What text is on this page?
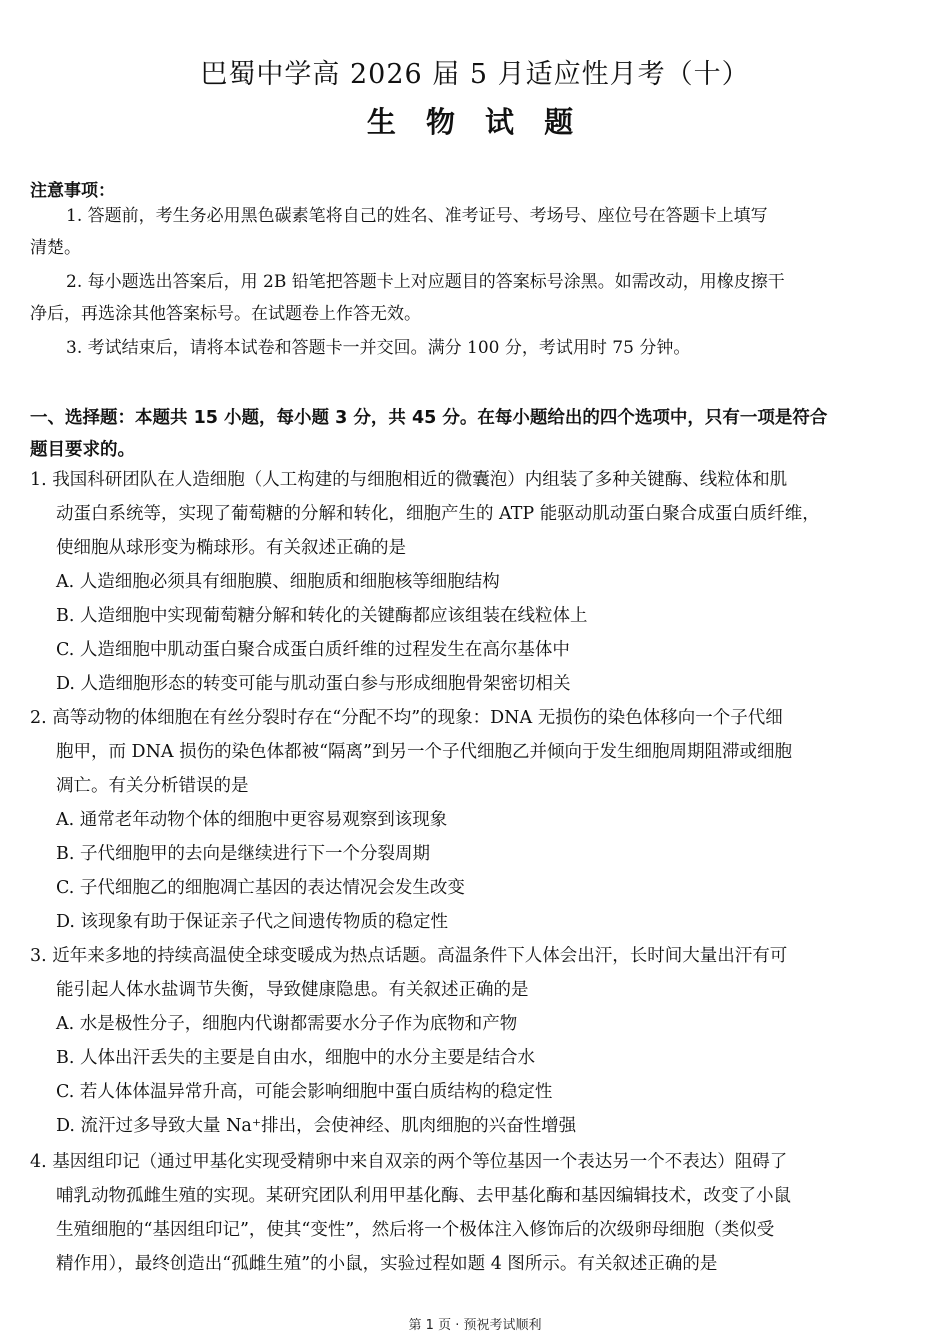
巴蜀中学高 2026 届 5 月适应性月考（十）
生 物 试 题
注意事项：
1. 答题前，考生务必用黑色碳素笔将自己的姓名、准考证号、考场号、座位号在答题卡上填写
清楚。
2. 每小题选出答案后，用 2B 铅笔把答题卡上对应题目的答案标号涂黑。如需改动，用橡皮擦干
净后，再选涂其他答案标号。在试题卷上作答无效。
3. 考试结束后，请将本试卷和答题卡一并交回。满分 100 分，考试用时 75 分钟。
一、选择题：本题共 15 小题，每小题 3 分，共 45 分。在每小题给出的四个选项中，只有一项是符合
题目要求的。
1. 我国科研团队在人造细胞（人工构建的与细胞相近的微囊泡）内组装了多种关键酶、线粒体和肌
动蛋白系统等，实现了葡萄糖的分解和转化，细胞产生的 ATP 能驱动肌动蛋白聚合成蛋白质纤维，
使细胞从球形变为椭球形。有关叙述正确的是
A. 人造细胞必须具有细胞膜、细胞质和细胞核等细胞结构
B. 人造细胞中实现葡萄糖分解和转化的关键酶都应该组装在线粒体上
C. 人造细胞中肌动蛋白聚合成蛋白质纤维的过程发生在高尔基体中
D. 人造细胞形态的转变可能与肌动蛋白参与形成细胞骨架密切相关
2. 高等动物的体细胞在有丝分裂时存在“分配不均”的现象：DNA 无损伤的染色体移向一个子代细
胞甲，而 DNA 损伤的染色体都被“隔离”到另一个子代细胞乙并倾向于发生细胞周期阻滞或细胞
凋亡。有关分析错误的是
A. 通常老年动物个体的细胞中更容易观察到该现象
B. 子代细胞甲的去向是继续进行下一个分裂周期
C. 子代细胞乙的细胞凋亡基因的表达情况会发生改变
D. 该现象有助于保证亲子代之间遗传物质的稳定性
3. 近年来多地的持续高温使全球变暖成为热点话题。高温条件下人体会出汗，长时间大量出汗有可
能引起人体水盐调节失衡，导致健康隐患。有关叙述正确的是
A. 水是极性分子，细胞内代谢都需要水分子作为底物和产物
B. 人体出汗丢失的主要是自由水，细胞中的水分主要是结合水
C. 若人体体温异常升高，可能会影响细胞中蛋白质结构的稳定性
D. 流汗过多导致大量 Na⁺排出，会使神经、肌肉细胞的兴奋性增强
4. 基因组印记（通过甲基化实现受精卵中来自双亲的两个等位基因一个表达另一个不表达）阻碍了
哺乳动物孤雌生殖的实现。某研究团队利用甲基化酶、去甲基化酶和基因编辑技术，改变了小鼠
生殖细胞的“基因组印记”，使其“变性”，然后将一个极体注入修饰后的次级卵母细胞（类似受
精作用），最终创造出“孤雌生殖”的小鼠，实验过程如题 4 图所示。有关叙述正确的是
第 1 页 · 预祝考试顺利
